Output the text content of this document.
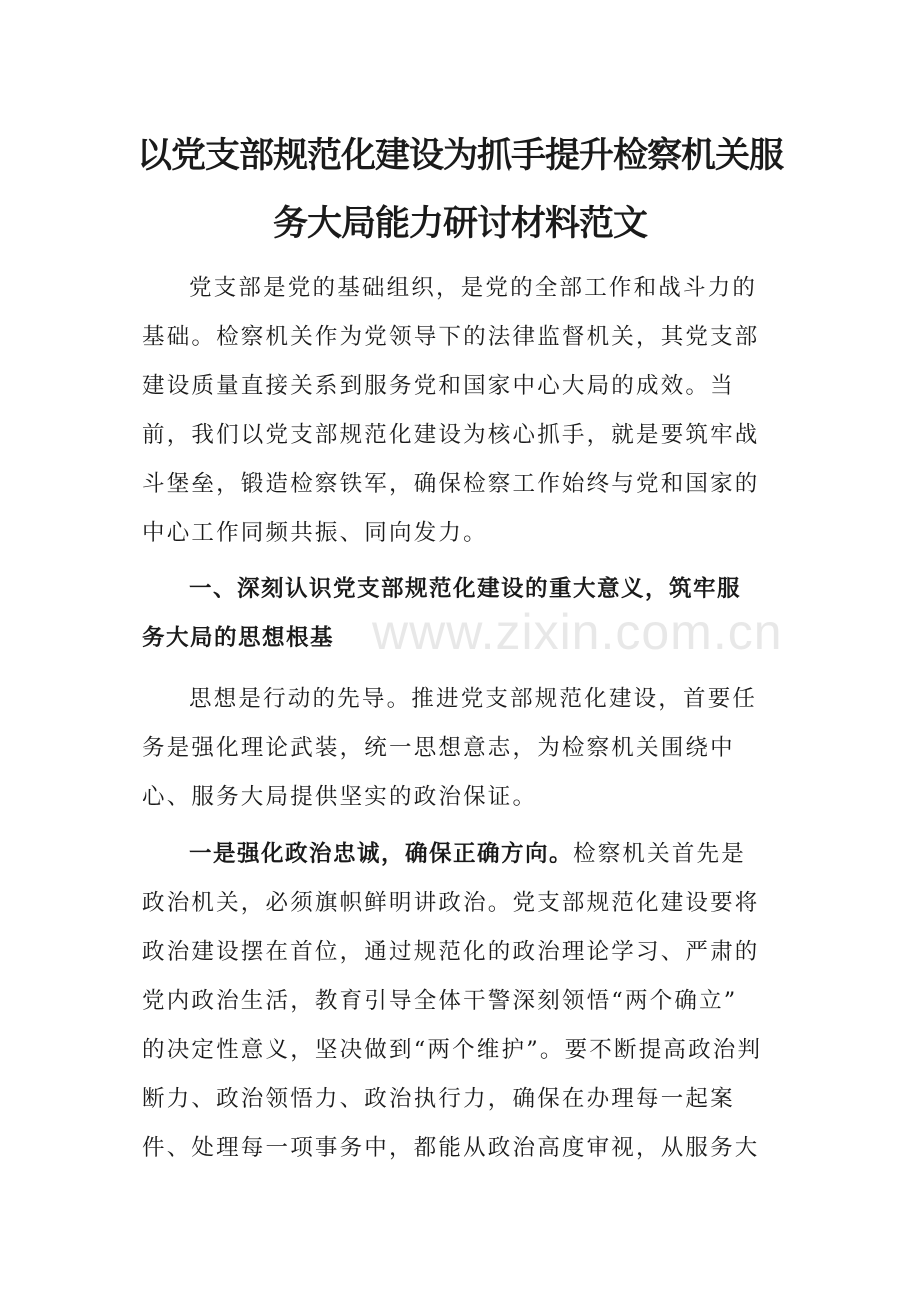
以党支部规范化建设为抓手提升检察机关服
务大局能力研讨材料范文
党支部是党的基础组织，是党的全部工作和战斗力的
基础。检察机关作为党领导下的法律监督机关，其党支部
建设质量直接关系到服务党和国家中心大局的成效。当
前，我们以党支部规范化建设为核心抓手，就是要筑牢战
斗堡垒，锻造检察铁军，确保检察工作始终与党和国家的
中心工作同频共振、同向发力。
一、深刻认识党支部规范化建设的重大意义，筑牢服
务大局的思想根基 www.zixin.com.cn
思想是行动的先导。推进党支部规范化建设，首要任
务是强化理论武装，统一思想意志，为检察机关围绕中
心、服务大局提供坚实的政治保证。
一是强化政治忠诚，确保正确方向。检察机关首先是
政治机关，必须旗帜鲜明讲政治。党支部规范化建设要将
政治建设摆在首位，通过规范化的政治理论学习、严肃的
党内政治生活，教育引导全体干警深刻领悟“两个确立”
的决定性意义，坚决做到“两个维护”。要不断提高政治判
断力、政治领悟力、政治执行力，确保在办理每一起案
件、处理每一项事务中，都能从政治高度审视，从服务大
